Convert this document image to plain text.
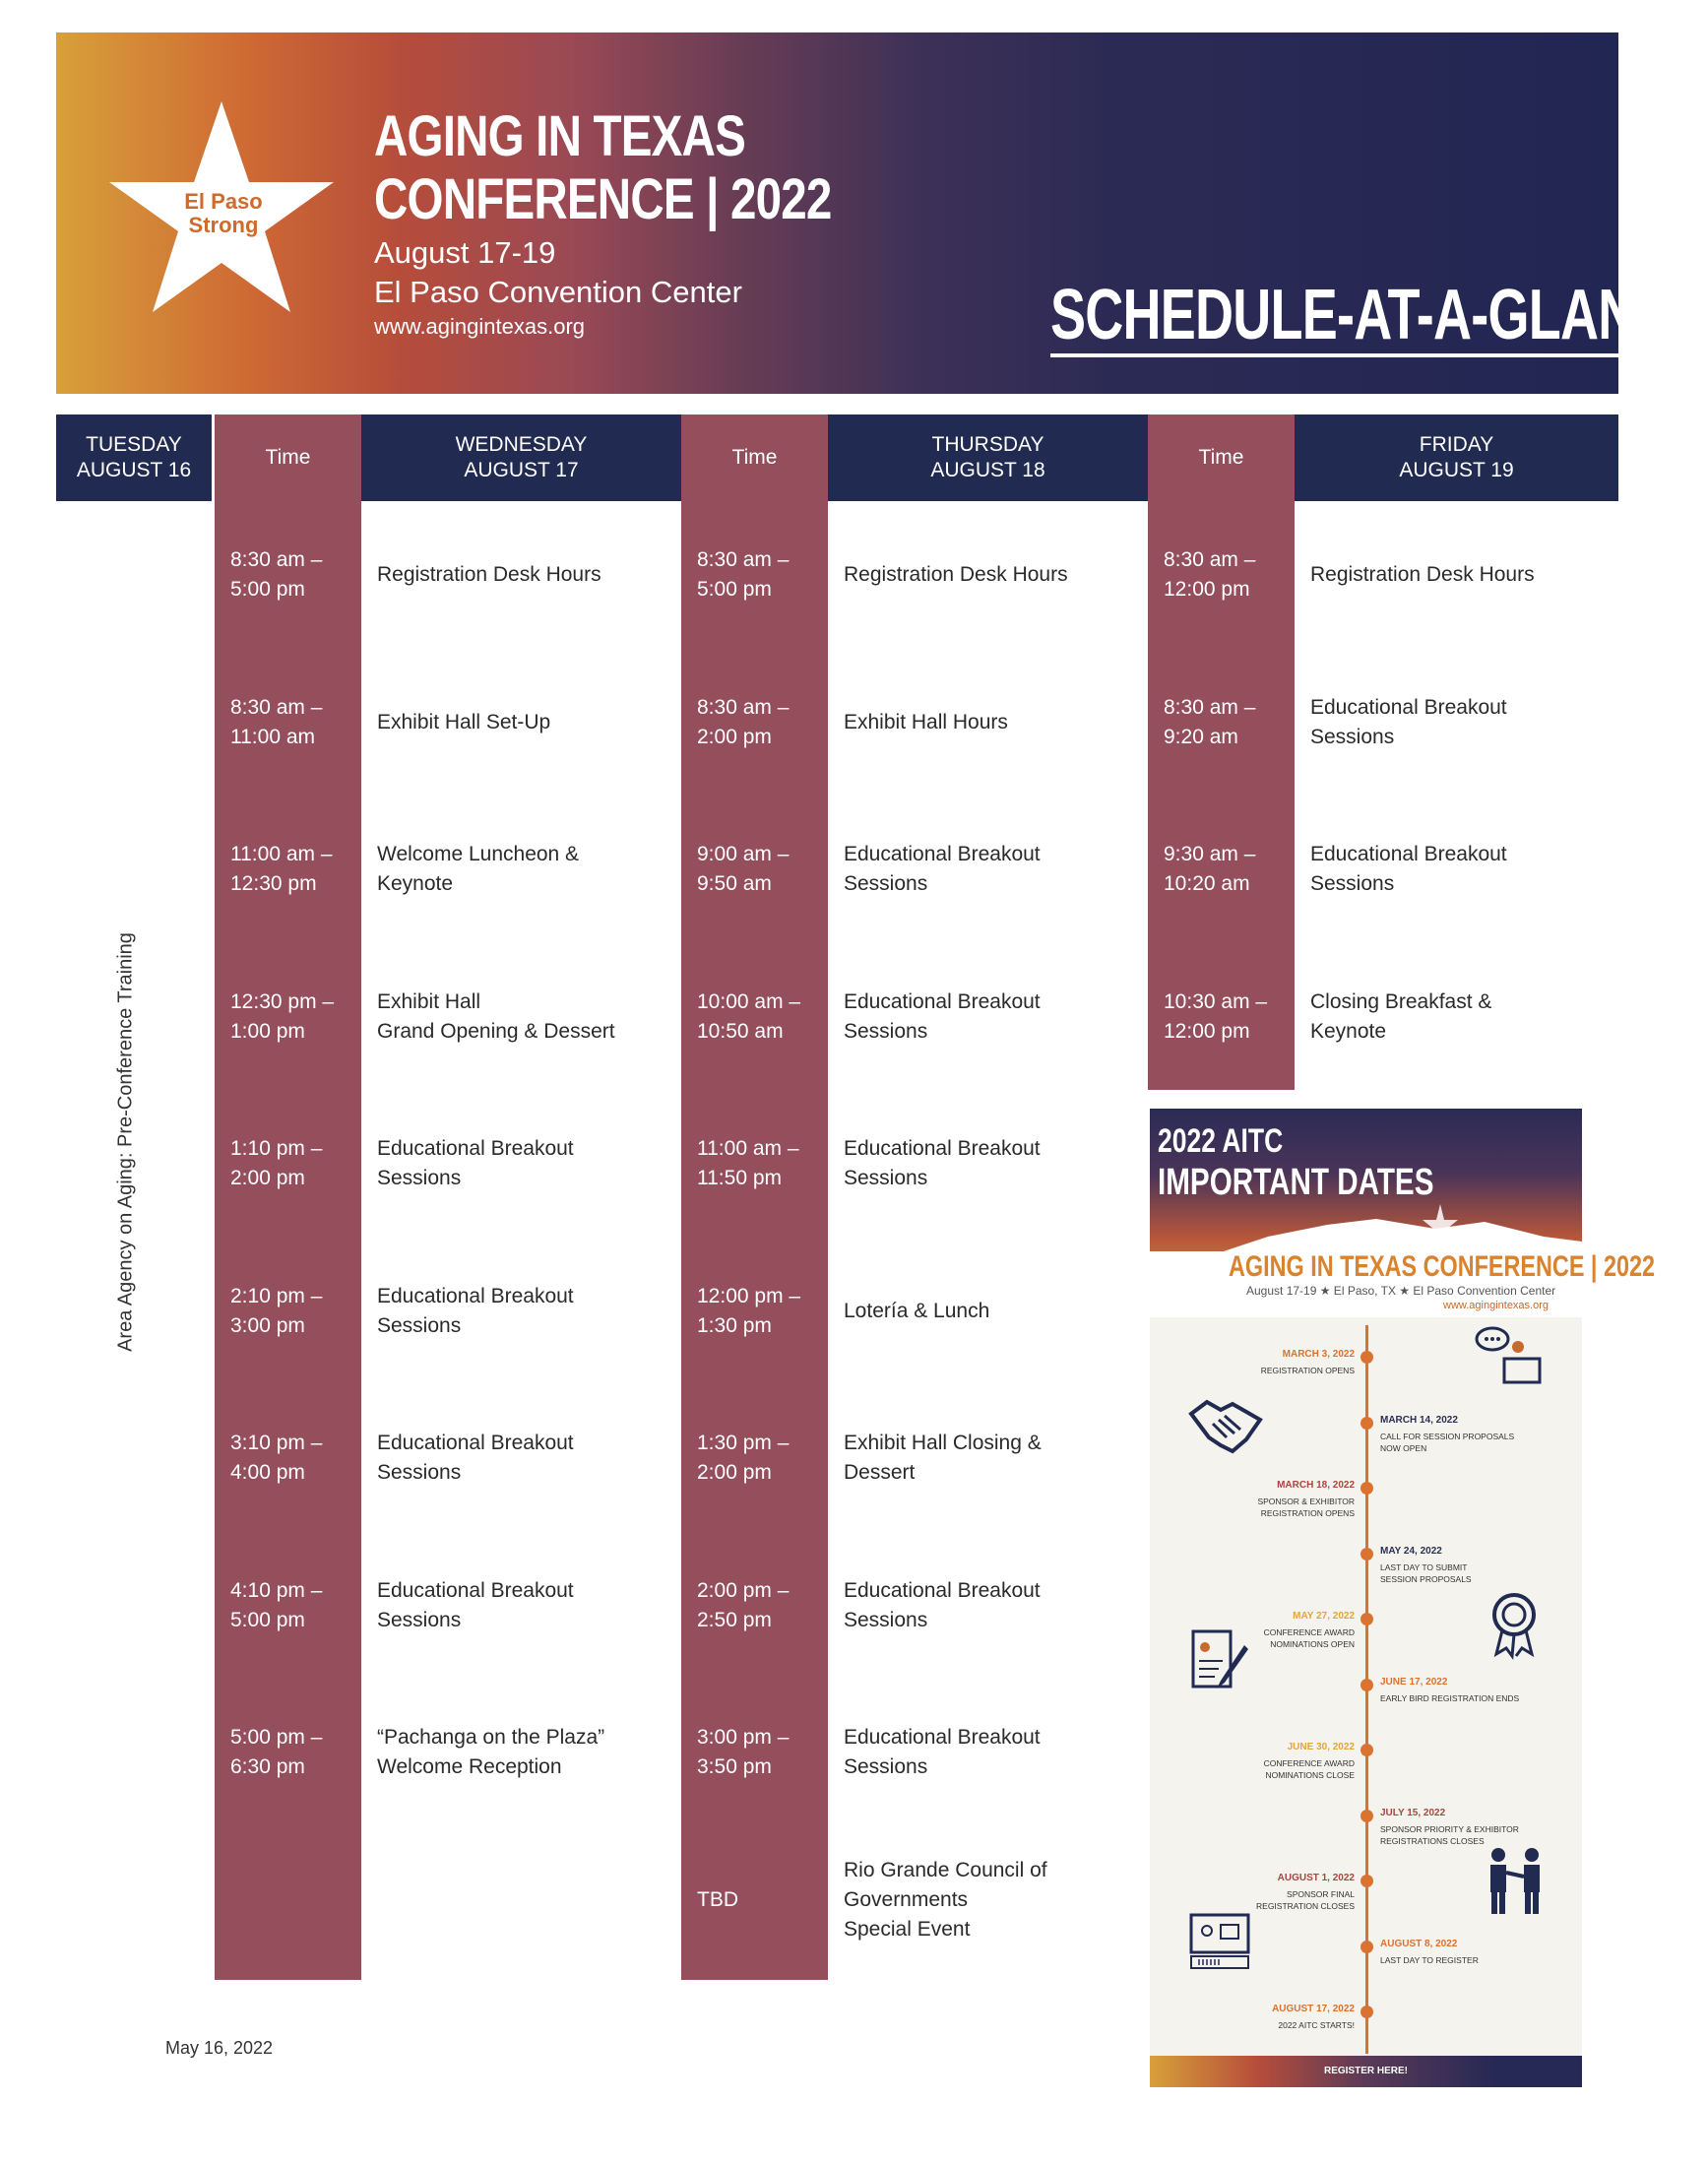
El Paso
Strong
AGING IN TEXAS
CONFERENCE | 2022
August 17-19
El Paso Convention Center
www.agingintexas.org	SCHEDULE-AT-A-GLANCE
TUESDAY
AUGUST 16
Time
WEDNESDAY
AUGUST 17
Time
THURSDAY
AUGUST 18
Time
FRIDAY
AUGUST 19
Area Agency on Aging: Pre-Conference Training
8:30 am –
5:00 pm
Registration Desk Hours
8:30 am –
11:00 am
Exhibit Hall Set-Up
11:00 am –
12:30 pm
Welcome Luncheon &
Keynote
12:30 pm –
1:00 pm
Exhibit Hall
Grand Opening & Dessert
1:10 pm –
2:00 pm
Educational Breakout
Sessions
2:10 pm –
3:00 pm
Educational Breakout
Sessions
3:10 pm –
4:00 pm
Educational Breakout
Sessions
4:10 pm –
5:00 pm
Educational Breakout
Sessions
5:00 pm –
6:30 pm
“Pachanga on the Plaza”
Welcome Reception
8:30 am –
5:00 pm
Registration Desk Hours
8:30 am –
2:00 pm
Exhibit Hall Hours
9:00 am –
9:50 am
Educational Breakout
Sessions
10:00 am –
10:50 am
Educational Breakout
Sessions
11:00 am –
11:50 pm
Educational Breakout
Sessions
12:00 pm –
1:30 pm
Lotería & Lunch
1:30 pm –
2:00 pm
Exhibit Hall Closing &
Dessert
2:00 pm –
2:50 pm
Educational Breakout
Sessions
3:00 pm –
3:50 pm
Educational Breakout
Sessions
TBD
Rio Grande Council of
Governments
Special Event
8:30 am –
12:00 pm
Registration Desk Hours
8:30 am –
9:20 am
Educational Breakout
Sessions
9:30 am –
10:20 am
Educational Breakout
Sessions
10:30 am –
12:00 pm
Closing Breakfast &
Keynote
May 16, 2022
2022 AITC
IMPORTANT DATES
AGING IN TEXAS CONFERENCE | 2022
August 17-19 ★ El Paso, TX ★ El Paso Convention Center
www.agingintexas.org
MARCH 3, 2022
REGISTRATION OPENS
MARCH 14, 2022
CALL FOR SESSION PROPOSALS
NOW OPEN
MARCH 18, 2022
SPONSOR & EXHIBITOR
REGISTRATION OPENS
MAY 24, 2022
LAST DAY TO SUBMIT
SESSION PROPOSALS
MAY 27, 2022
CONFERENCE AWARD
NOMINATIONS OPEN
JUNE 17, 2022
EARLY BIRD REGISTRATION ENDS
JUNE 30, 2022
CONFERENCE AWARD
NOMINATIONS CLOSE
JULY 15, 2022
SPONSOR PRIORITY & EXHIBITOR
REGISTRATIONS CLOSES
AUGUST 1, 2022
SPONSOR FINAL
REGISTRATION CLOSES
AUGUST 8, 2022
LAST DAY TO REGISTER
AUGUST 17, 2022
2022 AITC STARTS!
REGISTER HERE!
